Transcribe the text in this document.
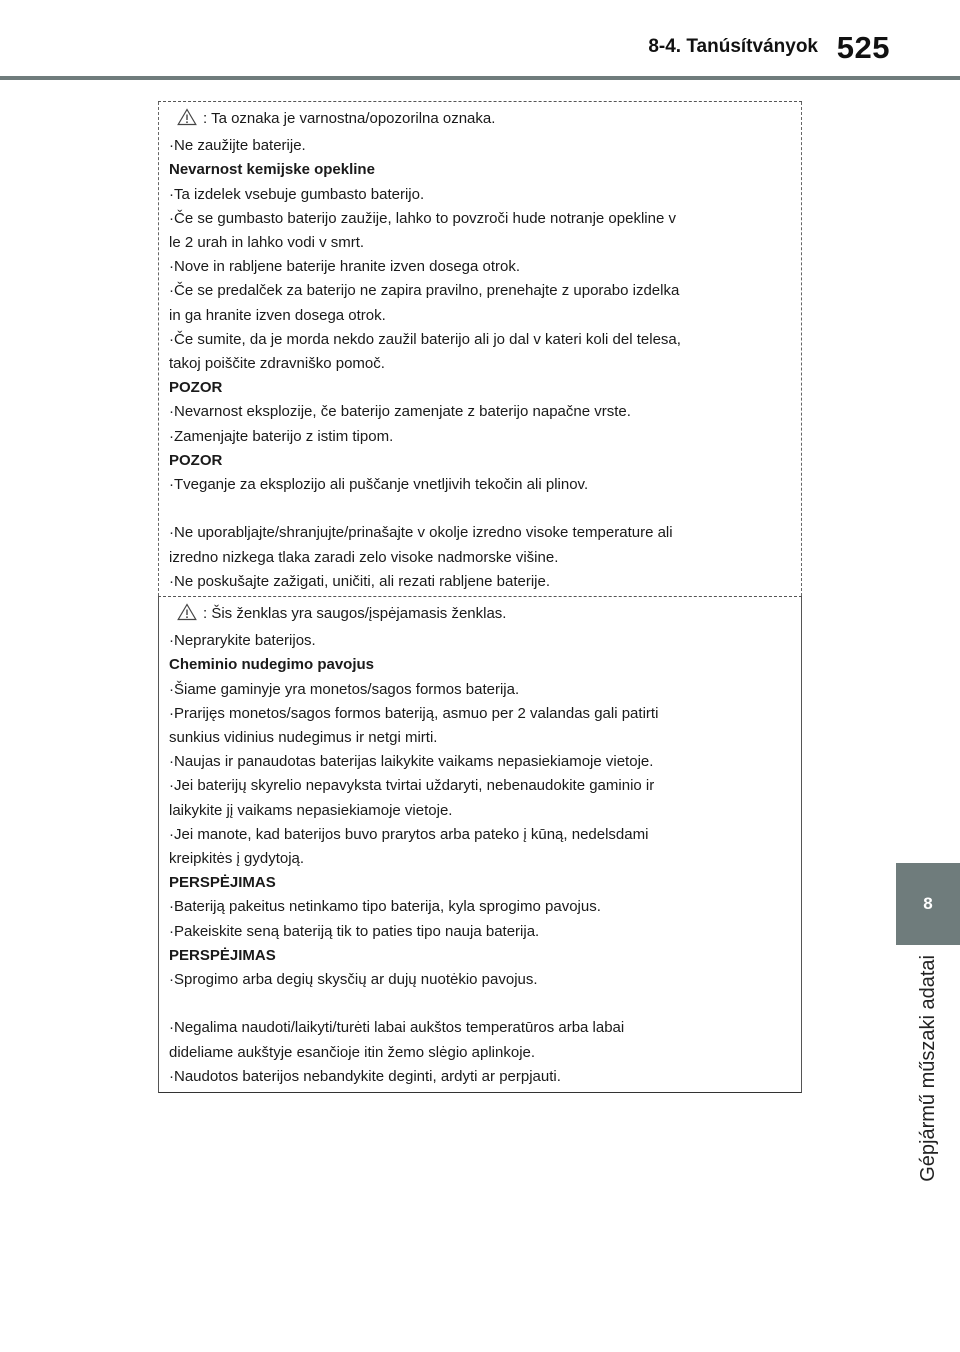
8-4. Tanúsítványok 525
8
Gépjármű műszaki adatai
: Ta oznaka je varnostna/opozorilna oznaka.
·Ne zaužijte baterije.
Nevarnost kemijske opekline
·Ta izdelek vsebuje gumbasto baterijo.
·Če se gumbasto baterijo zaužije, lahko to povzroči hude notranje opekline v
le 2 urah in lahko vodi v smrt.
·Nove in rabljene baterije hranite izven dosega otrok.
·Če se predalček za baterijo ne zapira pravilno, prenehajte z uporabo izdelka
in ga hranite izven dosega otrok.
·Če sumite, da je morda nekdo zaužil baterijo ali jo dal v kateri koli del telesa,
takoj poiščite zdravniško pomoč.
POZOR
·Nevarnost eksplozije, če baterijo zamenjate z baterijo napačne vrste.
·Zamenjajte baterijo z istim tipom.
POZOR
·Tveganje za eksplozijo ali puščanje vnetljivih tekočin ali plinov.
·Ne uporabljajte/shranjujte/prinašajte v okolje izredno visoke temperature ali
izredno nizkega tlaka zaradi zelo visoke nadmorske višine.
·Ne poskušajte zažigati, uničiti, ali rezati rabljene baterije.
: Šis ženklas yra saugos/įspėjamasis ženklas.
·Neprarykite baterijos.
Cheminio nudegimo pavojus
·Šiame gaminyje yra monetos/sagos formos baterija.
·Prarijęs monetos/sagos formos bateriją, asmuo per 2 valandas gali patirti
sunkius vidinius nudegimus ir netgi mirti.
·Naujas ir panaudotas baterijas laikykite vaikams nepasiekiamoje vietoje.
·Jei baterijų skyrelio nepavyksta tvirtai uždaryti, nebenaudokite gaminio ir
laikykite jį vaikams nepasiekiamoje vietoje.
·Jei manote, kad baterijos buvo prarytos arba pateko į kūną, nedelsdami
kreipkitės į gydytoją.
PERSPĖJIMAS
·Bateriją pakeitus netinkamo tipo baterija, kyla sprogimo pavojus.
·Pakeiskite seną bateriją tik to paties tipo nauja baterija.
PERSPĖJIMAS
·Sprogimo arba degių skysčių ar dujų nuotėkio pavojus.
·Negalima naudoti/laikyti/turėti labai aukštos temperatūros arba labai
dideliame aukštyje esančioje itin žemo slėgio aplinkoje.
·Naudotos baterijos nebandykite deginti, ardyti ar perpjauti.
